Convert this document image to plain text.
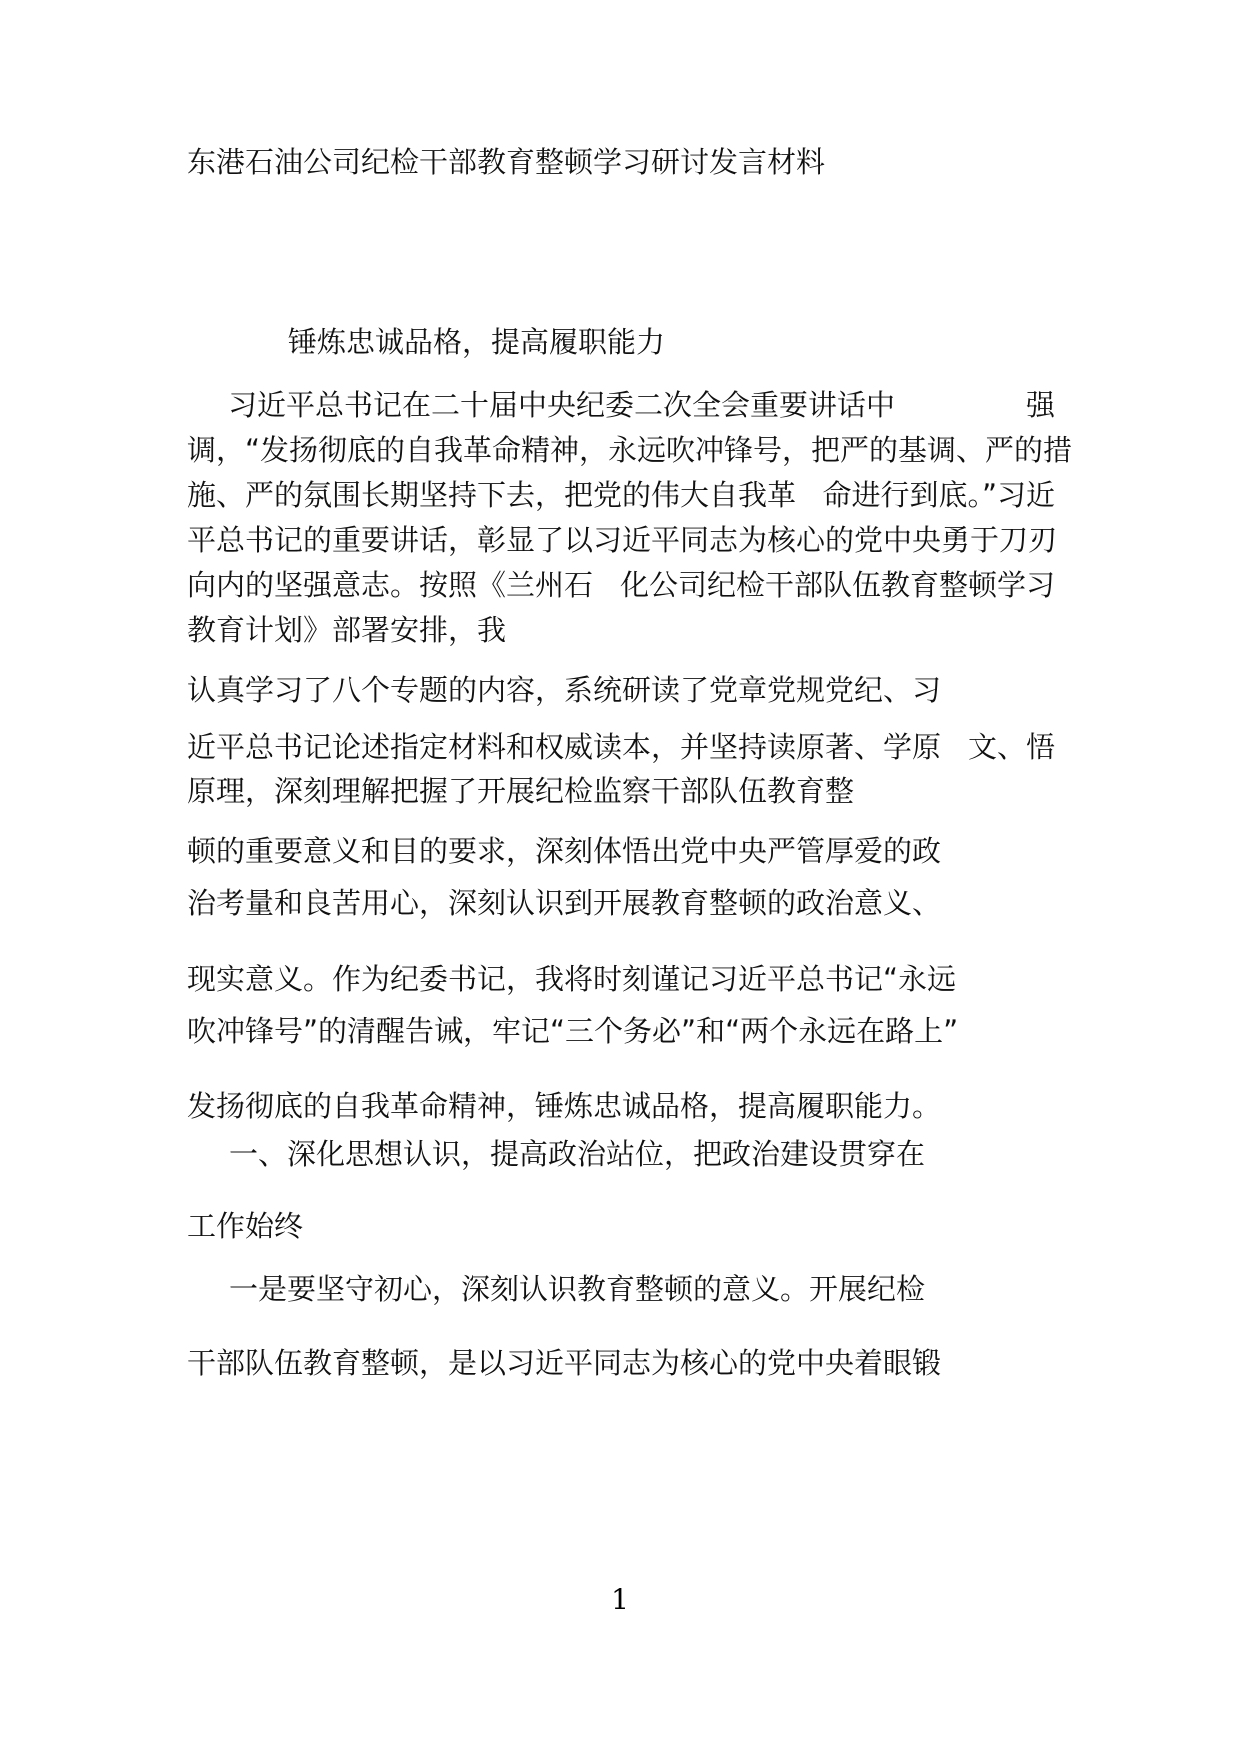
东港石油公司纪检干部教育整顿学习研讨发言材料

锤炼忠诚品格，提高履职能力

习近平总书记在二十届中央纪委二次全会重要讲话中	强

调，“发扬彻底的自我革命精神，永远吹冲锋号，把严的基 调、严的措

施、严的氛围长期坚持下去，把党的伟大自我革 命进行到底。”习近

平总书记的重要讲话，彰显了以习近平同 志为核心的党中央勇于刀刃

向内的坚强意志。按照《兰州石 化公司纪检干部队伍教育整顿学习

教育计划》部署安排，我

认真学习了八个专题的内容，系统研读了党章党规党纪、习

近平总书记论述指定材料和权威读本，并坚持读原著、学原 文、悟

原理，深刻理解把握了开展纪检监察干部队伍教育整

顿的重要意义和目的要求，深刻体悟出党中央严管厚爱的政

治考量和良苦用心，深刻认识到开展教育整顿的政治意义、

现实意义。作为纪委书记，我将时刻谨记习近平总书记“永远

吹冲锋号”的清醒告诫，牢记“三个务必”和“两个永远在路上”

发扬彻底的自我革命精神，锤炼忠诚品格，提高履职能力。

一、深化思想认识，提高政治站位，把政治建设贯穿在

工作始终

一是要坚守初心，深刻认识教育整顿的意义。开展纪检

干部队伍教育整顿，是以习近平同志为核心的党中央着眼锻

1
